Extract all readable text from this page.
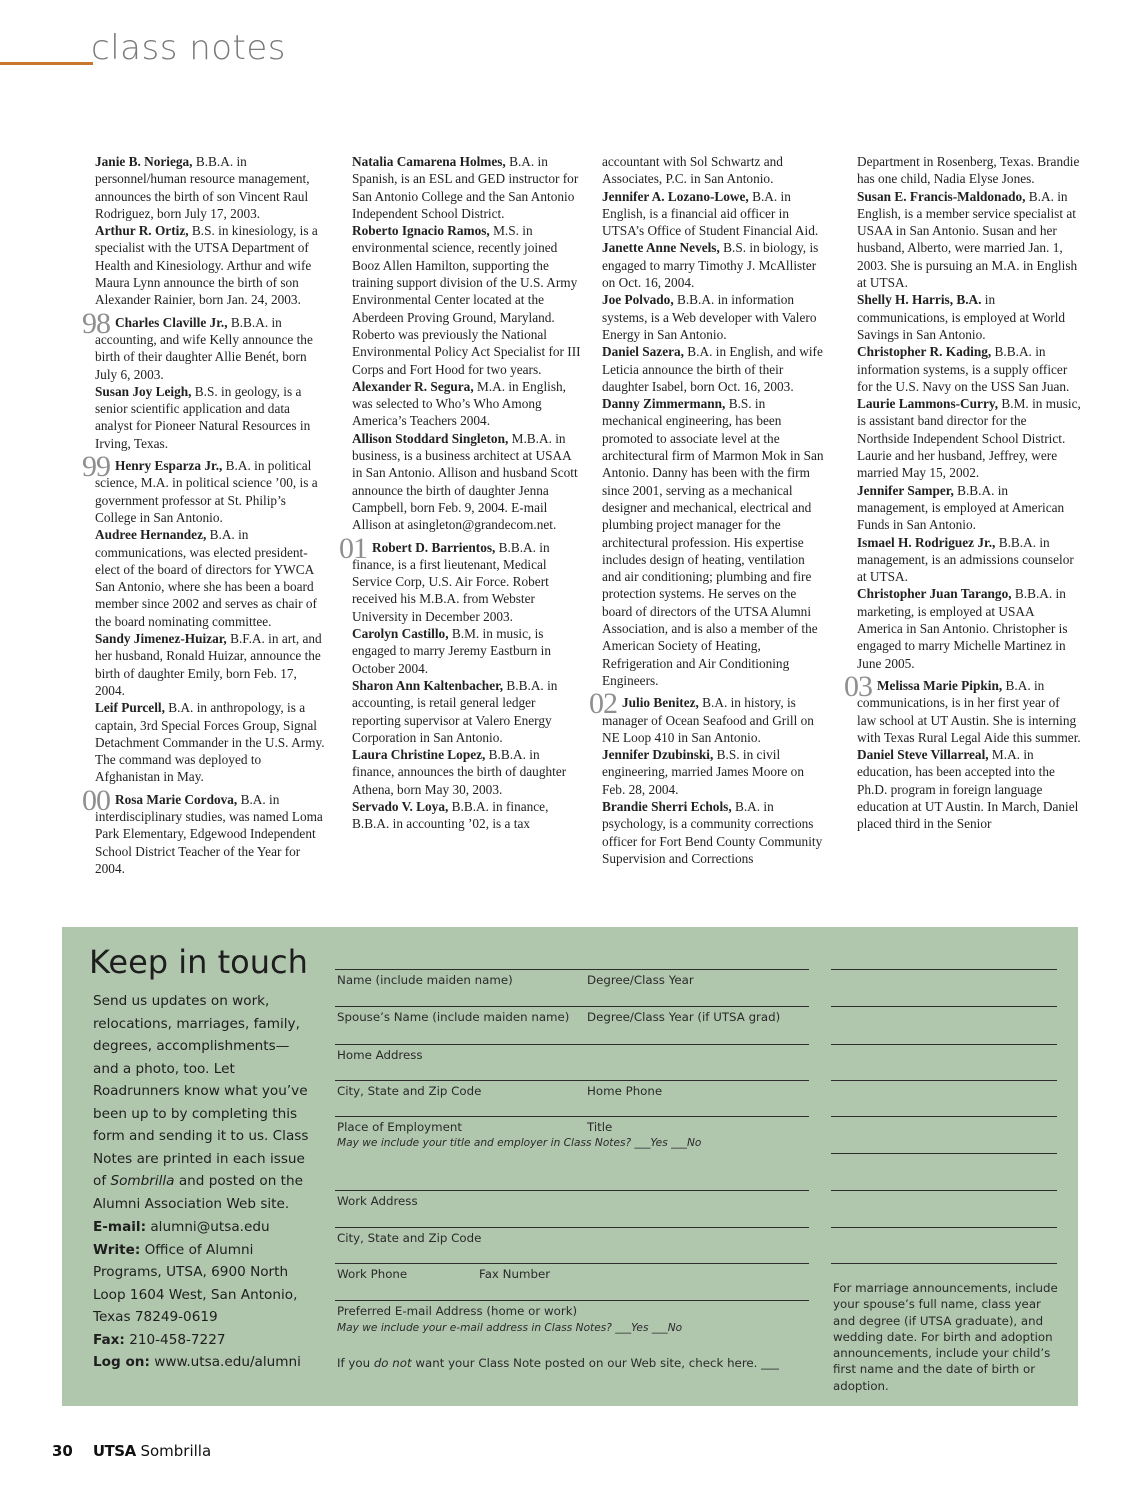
class notes
Janie B. Noriega, B.B.A. in personnel/human resource management, announces the birth of son Vincent Raul Rodriguez, born July 17, 2003.
Arthur R. Ortiz, B.S. in kinesiology, is a specialist with the UTSA Department of Health and Kinesiology. Arthur and wife Maura Lynn announce the birth of son Alexander Rainier, born Jan. 24, 2003.
98 Charles Claville Jr., B.B.A. in accounting, and wife Kelly announce the birth of their daughter Allie Benét, born July 6, 2003.
Susan Joy Leigh, B.S. in geology, is a senior scientific application and data analyst for Pioneer Natural Resources in Irving, Texas.
99 Henry Esparza Jr., B.A. in political science, M.A. in political science ’00, is a government professor at St. Philip’s College in San Antonio.
Audree Hernandez, B.A. in communications, was elected president-elect of the board of directors for YWCA San Antonio, where she has been a board member since 2002 and serves as chair of the board nominating committee.
Sandy Jimenez-Huizar, B.F.A. in art, and her husband, Ronald Huizar, announce the birth of daughter Emily, born Feb. 17, 2004.
Leif Purcell, B.A. in anthropology, is a captain, 3rd Special Forces Group, Signal Detachment Commander in the U.S. Army. The command was deployed to Afghanistan in May.
00 Rosa Marie Cordova, B.A. in interdisciplinary studies, was named Loma Park Elementary, Edgewood Independent School District Teacher of the Year for 2004.
Natalia Camarena Holmes, B.A. in Spanish, is an ESL and GED instructor for San Antonio College and the San Antonio Independent School District.
Roberto Ignacio Ramos, M.S. in environmental science, recently joined Booz Allen Hamilton, supporting the training support division of the U.S. Army Environmental Center located at the Aberdeen Proving Ground, Maryland. Roberto was previously the National Environmental Policy Act Specialist for III Corps and Fort Hood for two years.
Alexander R. Segura, M.A. in English, was selected to Who’s Who Among America’s Teachers 2004.
Allison Stoddard Singleton, M.B.A. in business, is a business architect at USAA in San Antonio. Allison and husband Scott announce the birth of daughter Jenna Campbell, born Feb. 9, 2004. E-mail Allison at asingleton@grandecom.net.
01 Robert D. Barrientos, B.B.A. in finance, is a first lieutenant, Medical Service Corp, U.S. Air Force. Robert received his M.B.A. from Webster University in December 2003.
Carolyn Castillo, B.M. in music, is engaged to marry Jeremy Eastburn in October 2004.
Sharon Ann Kaltenbacher, B.B.A. in accounting, is retail general ledger reporting supervisor at Valero Energy Corporation in San Antonio.
Laura Christine Lopez, B.B.A. in finance, announces the birth of daughter Athena, born May 30, 2003.
Servado V. Loya, B.B.A. in finance, B.B.A. in accounting ’02, is a tax
accountant with Sol Schwartz and Associates, P.C. in San Antonio.
Jennifer A. Lozano-Lowe, B.A. in English, is a financial aid officer in UTSA’s Office of Student Financial Aid.
Janette Anne Nevels, B.S. in biology, is engaged to marry Timothy J. McAllister on Oct. 16, 2004.
Joe Polvado, B.B.A. in information systems, is a Web developer with Valero Energy in San Antonio.
Daniel Sazera, B.A. in English, and wife Leticia announce the birth of their daughter Isabel, born Oct. 16, 2003.
Danny Zimmermann, B.S. in mechanical engineering, has been promoted to associate level at the architectural firm of Marmon Mok in San Antonio. Danny has been with the firm since 2001, serving as a mechanical designer and mechanical, electrical and plumbing project manager for the architectural profession. His expertise includes design of heating, ventilation and air conditioning; plumbing and fire protection systems. He serves on the board of directors of the UTSA Alumni Association, and is also a member of the American Society of Heating, Refrigeration and Air Conditioning Engineers.
02 Julio Benitez, B.A. in history, is manager of Ocean Seafood and Grill on NE Loop 410 in San Antonio.
Jennifer Dzubinski, B.S. in civil engineering, married James Moore on Feb. 28, 2004.
Brandie Sherri Echols, B.A. in psychology, is a community corrections officer for Fort Bend County Community Supervision and Corrections
Department in Rosenberg, Texas. Brandie has one child, Nadia Elyse Jones.
Susan E. Francis-Maldonado, B.A. in English, is a member service specialist at USAA in San Antonio. Susan and her husband, Alberto, were married Jan. 1, 2003. She is pursuing an M.A. in English at UTSA.
Shelly H. Harris, B.A. in communications, is employed at World Savings in San Antonio.
Christopher R. Kading, B.B.A. in information systems, is a supply officer for the U.S. Navy on the USS San Juan.
Laurie Lammons-Curry, B.M. in music, is assistant band director for the Northside Independent School District. Laurie and her husband, Jeffrey, were married May 15, 2002.
Jennifer Samper, B.B.A. in management, is employed at American Funds in San Antonio.
Ismael H. Rodriguez Jr., B.B.A. in management, is an admissions counselor at UTSA.
Christopher Juan Tarango, B.B.A. in marketing, is employed at USAA America in San Antonio. Christopher is engaged to marry Michelle Martinez in June 2005.
03 Melissa Marie Pipkin, B.A. in communications, is in her first year of law school at UT Austin. She is interning with Texas Rural Legal Aide this summer.
Daniel Steve Villarreal, M.A. in education, has been accepted into the Ph.D. program in foreign language education at UT Austin. In March, Daniel placed third in the Senior
Keep in touch
Send us updates on work, relocations, marriages, family, degrees, accomplishments—and a photo, too. Let Roadrunners know what you’ve been up to by completing this form and sending it to us. Class Notes are printed in each issue of Sombrilla and posted on the Alumni Association Web site.
E-mail: alumni@utsa.edu
Write: Office of Alumni Programs, UTSA, 6900 North Loop 1604 West, San Antonio, Texas 78249-0619
Fax: 210-458-7227
Log on: www.utsa.edu/alumni
Name (include maiden name)	Degree/Class Year
Spouse’s Name (include maiden name) Degree/Class Year (if UTSA grad)
Home Address
City, State and Zip Code	Home Phone
Place of Employment	Title
May we include your title and employer in Class Notes? ___Yes ___No
Work Address
City, State and Zip Code
Work Phone	Fax Number
Preferred E-mail Address (home or work)
May we include your e-mail address in Class Notes? ___Yes ___No
If you do not want your Class Note posted on our Web site, check here. ___
For marriage announcements, include your spouse’s full name, class year and degree (if UTSA graduate), and wedding date. For birth and adoption announcements, include your child’s first name and the date of birth or adoption.
30 UTSA Sombrilla
